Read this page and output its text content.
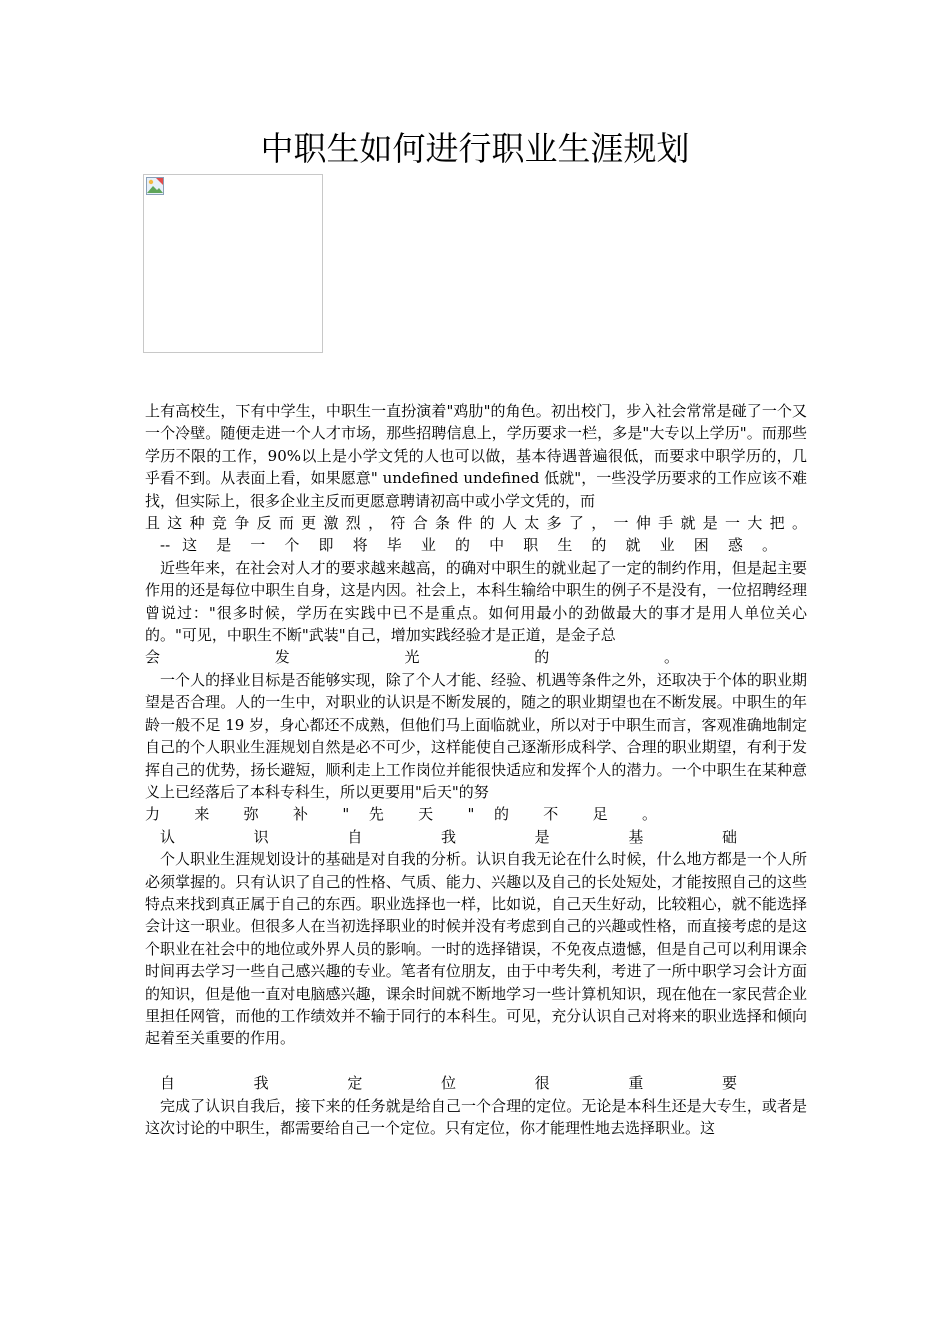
中职生如何进行职业生涯规划

上有高校生，下有中学生，中职生一直扮演着"鸡肋"的角色。初出校门，步入社会常常是碰了一个又一个冷壁。随便走进一个人才市场，那些招聘信息上，学历要求一栏，多是"大专以上学历"。而那些学历不限的工作，90%以上是小学文凭的人也可以做，基本待遇普遍很低，而要求中职学历的，几乎看不到。从表面上看，如果愿意" undefined undefined 低就"，一些没学历要求的工作应该不难找，但实际上，很多企业主反而更愿意聘请初高中或小学文凭的，而

且这种竞争反而更激烈，符合条件的人太多了，一伸手就是一大把。

-- 这 是 一 个 即 将 毕 业 的 中 职 生 的 就 业 困 惑 。

近些年来，在社会对人才的要求越来越高，的确对中职生的就业起了一定的制约作用，但是起主要作用的还是每位中职生自身，这是内因。社会上，本科生输给中职生的例子不是没有，一位招聘经理曾说过："很多时候，学历在实践中已不是重点。如何用最小的劲做最大的事才是用人单位关心的。"可见，中职生不断"武装"自己，增加实践经验才是正道，是金子总

会 发 光 的 。

一个人的择业目标是否能够实现，除了个人才能、经验、机遇等条件之外，还取决于个体的职业期望是否合理。人的一生中，对职业的认识是不断发展的，随之的职业期望也在不断发展。中职生的年龄一般不足 19 岁，身心都还不成熟，但他们马上面临就业，所以对于中职生而言，客观准确地制定自己的个人职业生涯规划自然是必不可少，这样能使自己逐渐形成科学、合理的职业期望，有利于发挥自己的优势，扬长避短，顺利走上工作岗位并能很快适应和发挥个人的潜力。一个中职生在某种意义上已经落后了本科专科生，所以更要用"后天"的努

力 来 弥 补 " 先 天 " 的 不 足 。

认 识 自 我 是 基 础

个人职业生涯规划设计的基础是对自我的分析。认识自我无论在什么时候，什么地方都是一个人所必须掌握的。只有认识了自己的性格、气质、能力、兴趣以及自己的长处短处，才能按照自己的这些特点来找到真正属于自己的东西。职业选择也一样，比如说，自己天生好动，比较粗心，就不能选择会计这一职业。但很多人在当初选择职业的时候并没有考虑到自己的兴趣或性格，而直接考虑的是这个职业在社会中的地位或外界人员的影响。一时的选择错误，不免夜点遗憾，但是自己可以利用课余时间再去学习一些自己感兴趣的专业。笔者有位朋友，由于中考失利，考进了一所中职学习会计方面的知识，但是他一直对电脑感兴趣，课余时间就不断地学习一些计算机知识，现在他在一家民营企业里担任网管，而他的工作绩效并不输于同行的本科生。可见，充分认识自己对将来的职业选择和倾向起着至关重要的作用。

自 我 定 位 很 重 要

完成了认识自我后，接下来的任务就是给自己一个合理的定位。无论是本科生还是大专生，或者是这次讨论的中职生，都需要给自己一个定位。只有定位，你才能理性地去选择职业。这
